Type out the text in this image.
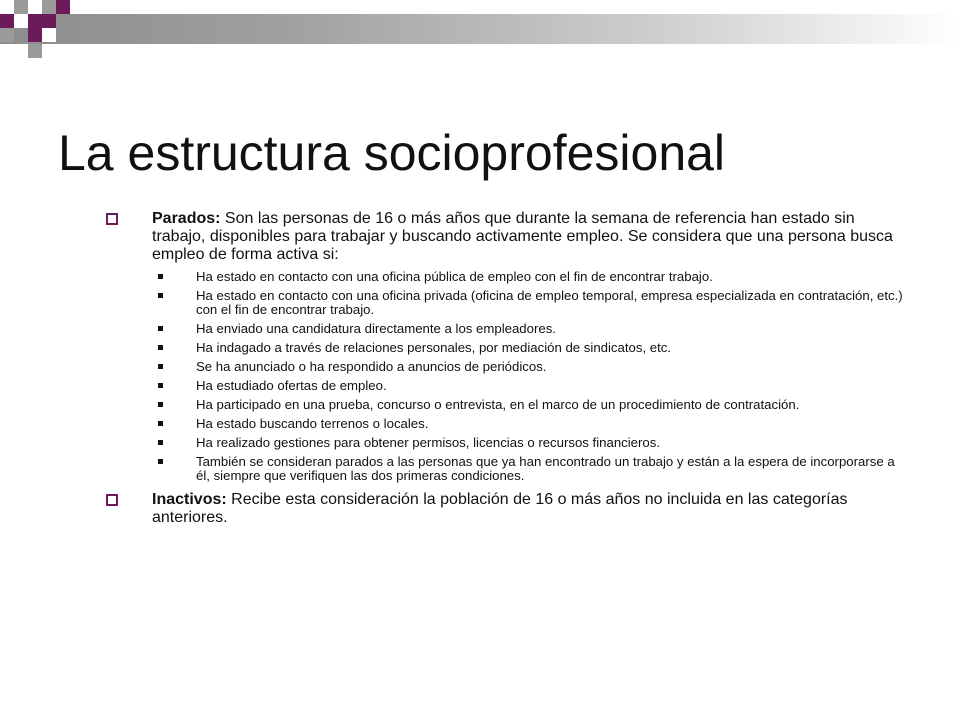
La estructura socioprofesional
Parados: Son las personas de 16 o más años que durante la semana de referencia han estado sin trabajo, disponibles para trabajar y buscando activamente empleo. Se considera que una persona busca empleo de forma activa si:
Ha estado en contacto con una oficina pública de empleo con el fin de encontrar trabajo.
Ha estado en contacto con una oficina privada (oficina de empleo temporal, empresa especializada en contratación, etc.) con el fin de encontrar trabajo.
Ha enviado una candidatura directamente a los empleadores.
Ha indagado a través de relaciones personales, por mediación de sindicatos, etc.
Se ha anunciado o ha respondido a anuncios de periódicos.
Ha estudiado ofertas de empleo.
Ha participado en una prueba, concurso o entrevista, en el marco de un procedimiento de contratación.
Ha estado buscando terrenos o locales.
Ha realizado gestiones para obtener permisos, licencias o recursos financieros.
También se consideran parados a las personas que ya han encontrado un trabajo y están a la espera de incorporarse a él, siempre que verifiquen las dos primeras condiciones.
Inactivos: Recibe esta consideración la población de 16 o más años no incluida en las categorías anteriores.
